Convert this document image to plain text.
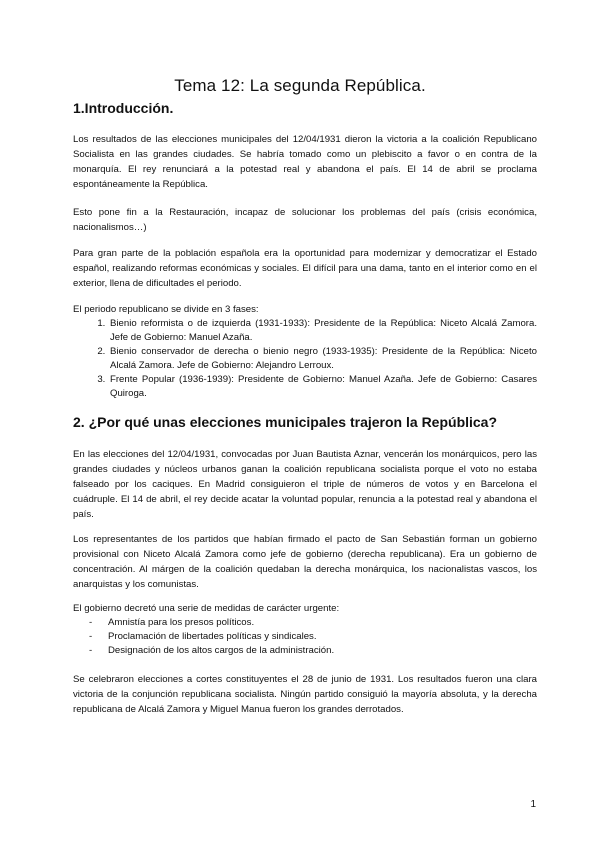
Tema 12: La segunda República.
1.Introducción.

Los resultados de las elecciones municipales del 12/04/1931 dieron la victoria a la coalición Republicano Socialista en las grandes ciudades. Se habría tomado como un plebiscito a favor o en contra de la monarquía. El rey renunciará a la potestad real y abandona el país. El 14 de abril se proclama espontáneamente la República.

Esto pone fin a la Restauración, incapaz de solucionar los problemas del país (crisis económica, nacionalismos…)

Para gran parte de la población española era la oportunidad para modernizar y democratizar el Estado español, realizando reformas económicas y sociales. El difícil para una dama, tanto en el interior como en el exterior, llena de dificultades el periodo.

El periodo republicano se divide en 3 fases:

1. Bienio reformista o de izquierda (1931-1933): Presidente de la República: Niceto Alcalá Zamora. Jefe de Gobierno: Manuel Azaña.
2. Bienio conservador de derecha o bienio negro (1933-1935): Presidente de la República: Niceto Alcalá Zamora. Jefe de Gobierno: Alejandro Lerroux.
3. Frente Popular (1936-1939): Presidente de Gobierno: Manuel Azaña. Jefe de Gobierno: Casares Quiroga.
2. ¿Por qué unas elecciones municipales trajeron la República?

En las elecciones del 12/04/1931, convocadas por Juan Bautista Aznar, vencerán los monárquicos, pero las grandes ciudades y núcleos urbanos ganan la coalición republicana socialista porque el voto no estaba falseado por los caciques. En Madrid consiguieron el triple de números de votos y en Barcelona el cuádruple. El 14 de abril, el rey decide acatar la voluntad popular, renuncia a la potestad real y abandona el país.

Los representantes de los partidos que habían firmado el pacto de San Sebastián forman un gobierno provisional con Niceto Alcalá Zamora como jefe de gobierno (derecha republicana). Era un gobierno de concentración. Al márgen de la coalición quedaban la derecha monárquica, los nacionalistas vascos, los anarquistas y los comunistas.

El gobierno decretó una serie de medidas de carácter urgente:

- Amnistía para los presos políticos.
- Proclamación de libertades políticas y sindicales.
- Designación de los altos cargos de la administración.

Se celebraron elecciones a cortes constituyentes el 28 de junio de 1931. Los resultados fueron una clara victoria de la conjunción republicana socialista. Ningún partido consiguió la mayoría absoluta, y la derecha republicana de Alcalá Zamora y Miguel Manua fueron los grandes derrotados.

1
